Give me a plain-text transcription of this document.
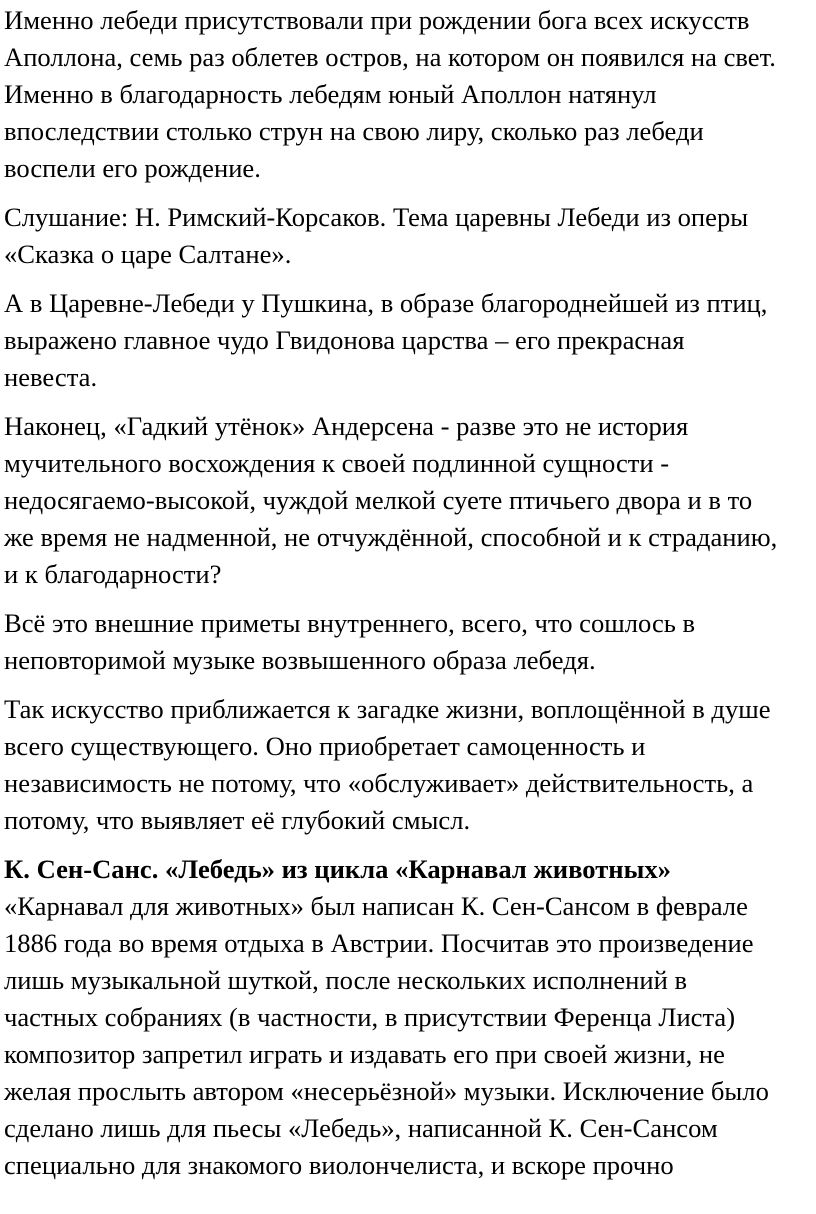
Именно лебеди присутствовали при рождении бога всех искусств
Аполлона, семь раз облетев остров, на котором он появился на свет.
Именно в благодарность лебедям юный Аполлон натянул
впоследствии столько струн на свою лиру, сколько раз лебеди
воспели его рождение.

Слушание: Н. Римский-Корсаков. Тема царевны Лебеди из оперы
«Сказка о царе Салтане».

А в Царевне-Лебеди у Пушкина, в образе благороднейшей из птиц,
выражено главное чудо Гвидонова царства – его прекрасная
невеста.

Наконец, «Гадкий утёнок» Андерсена - разве это не история
мучительного восхождения к своей подлинной сущности -
недосягаемо-высокой, чуждой мелкой суете птичьего двора и в то
же время не надменной, не отчуждённой, способной и к страданию,
и к благодарности?

Всё это внешние приметы внутреннего, всего, что сошлось в
неповторимой музыке возвышенного образа лебедя.

Так искусство приближается к загадке жизни, воплощённой в душе
всего существующего. Оно приобретает самоценность и
независимость не потому, что «обслуживает» действительность, а
потому, что выявляет её глубокий смысл.

К. Сен-Санс. «Лебедь» из цикла «Карнавал животных»
«Карнавал для животных» был написан К. Сен-Сансом в феврале
1886 года во время отдыха в Австрии. Посчитав это произведение
лишь музыкальной шуткой, после нескольких исполнений в
частных собраниях (в частности, в присутствии Ференца Листа)
композитор запретил играть и издавать его при своей жизни, не
желая прослыть автором «несерьёзной» музыки. Исключение было
сделано лишь для пьесы «Лебедь», написанной К. Сен-Сансом
специально для знакомого виолончелиста, и вскоре прочно
